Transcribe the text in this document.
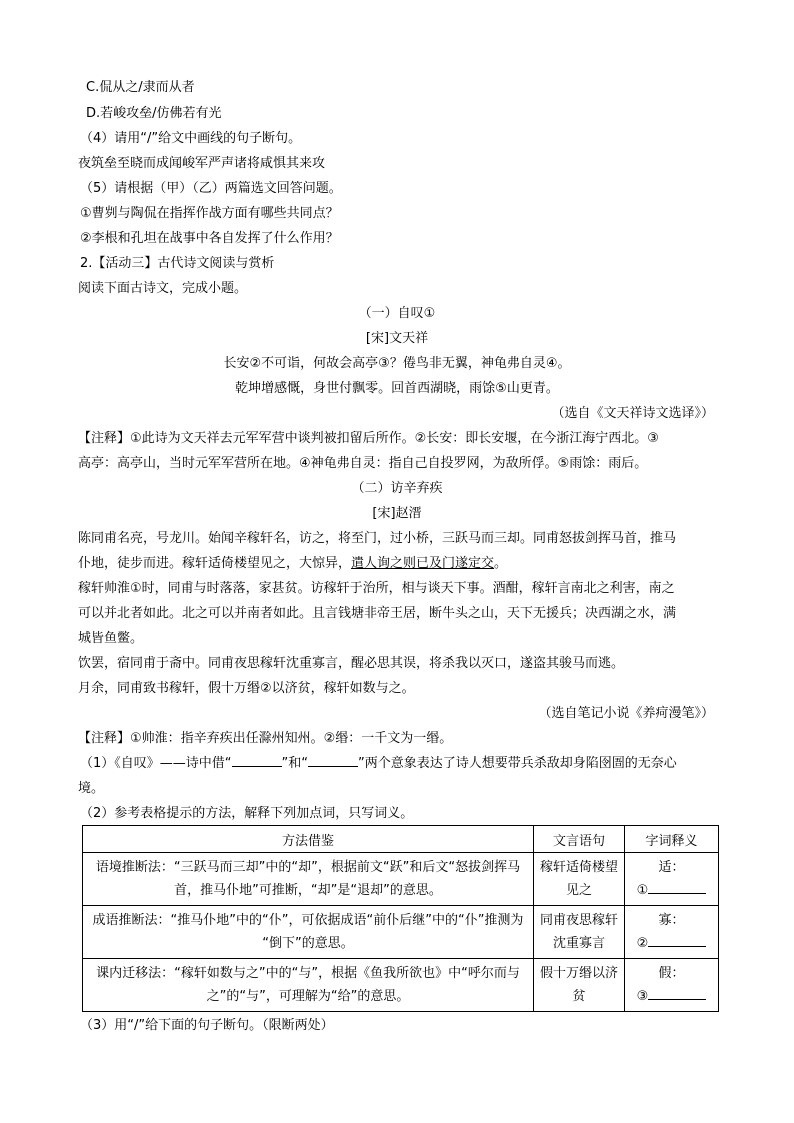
C.侃从之/隶而从者
D.若峻攻垒/仿佛若有光
（4）请用“/”给文中画线的句子断句。
夜筑垒至晓而成闻峻军严声诸将咸惧其来攻
（5）请根据（甲）（乙）两篇选文回答问题。
①曹刿与陶侃在指挥作战方面有哪些共同点？
②李根和孔坦在战事中各自发挥了什么作用？
2.【活动三】古代诗文阅读与赏析
阅读下面古诗文，完成小题。
（一）自叹①
[宋]文天祥
长安②不可诣，何故会高亭③？倦鸟非无翼，神龟弗自灵④。
乾坤增感慨，身世付飘零。回首西湖晓，雨馀⑤山更青。
（选自《文天祥诗文选译》）
【注释】①此诗为文天祥去元军军营中谈判被扣留后所作。②长安：即长安堰，在今浙江海宁西北。③
高亭：高亭山，当时元军军营所在地。④神龟弗自灵：指自己自投罗网，为敌所俘。⑤雨馀：雨后。
（二）访辛弃疾
[宋]赵溍
陈同甫名亮，号龙川。始闻辛稼轩名，访之，将至门，过小桥，三跃马而三却。同甫怒拔剑挥马首，推马
仆地，徒步而进。稼轩适倚楼望见之，大惊异，遣人询之则已及门遂定交。
稼轩帅淮①时，同甫与时落落，家甚贫。访稼轩于治所，相与谈天下事。酒酣，稼轩言南北之利害，南之
可以并北者如此。北之可以并南者如此。且言钱塘非帝王居，断牛头之山，天下无援兵；决西湖之水，满
城皆鱼鳖。
饮罢，宿同甫于斋中。同甫夜思稼轩沈重寡言，醒必思其误，将杀我以灭口，遂盗其骏马而逃。
月余，同甫致书稼轩，假十万缗②以济贫，稼轩如数与之。
（选自笔记小说《养疴漫笔》）
【注释】①帅淮：指辛弃疾出任滁州知州。②缗：一千文为一缗。
（1）《自叹》——诗中借“	”和“	”两个意象表达了诗人想要带兵杀敌却身陷囹圄的无奈心
境。
（2）参考表格提示的方法，解释下列加点词，只写词义。
方法借鉴	文言语句	字词释义
语境推断法：“三跃马而三却”中的“却”，根据前文“跃”和后文“怒拔剑挥马
首，推马仆地”可推断，“却”是“退却”的意思。	稼轩适倚楼望
见之	适：
①
成语推断法：“推马仆地”中的“仆”，可依据成语“前仆后继”中的“仆”推测为
“倒下”的意思。	同甫夜思稼轩
沈重寡言	寡：
②
课内迁移法：“稼轩如数与之”中的“与”，根据《鱼我所欲也》中“呼尔而与
之”的“与”，可理解为“给”的意思。	假十万缗以济
贫	假：
③
（3）用“/”给下面的句子断句。（限断两处）
